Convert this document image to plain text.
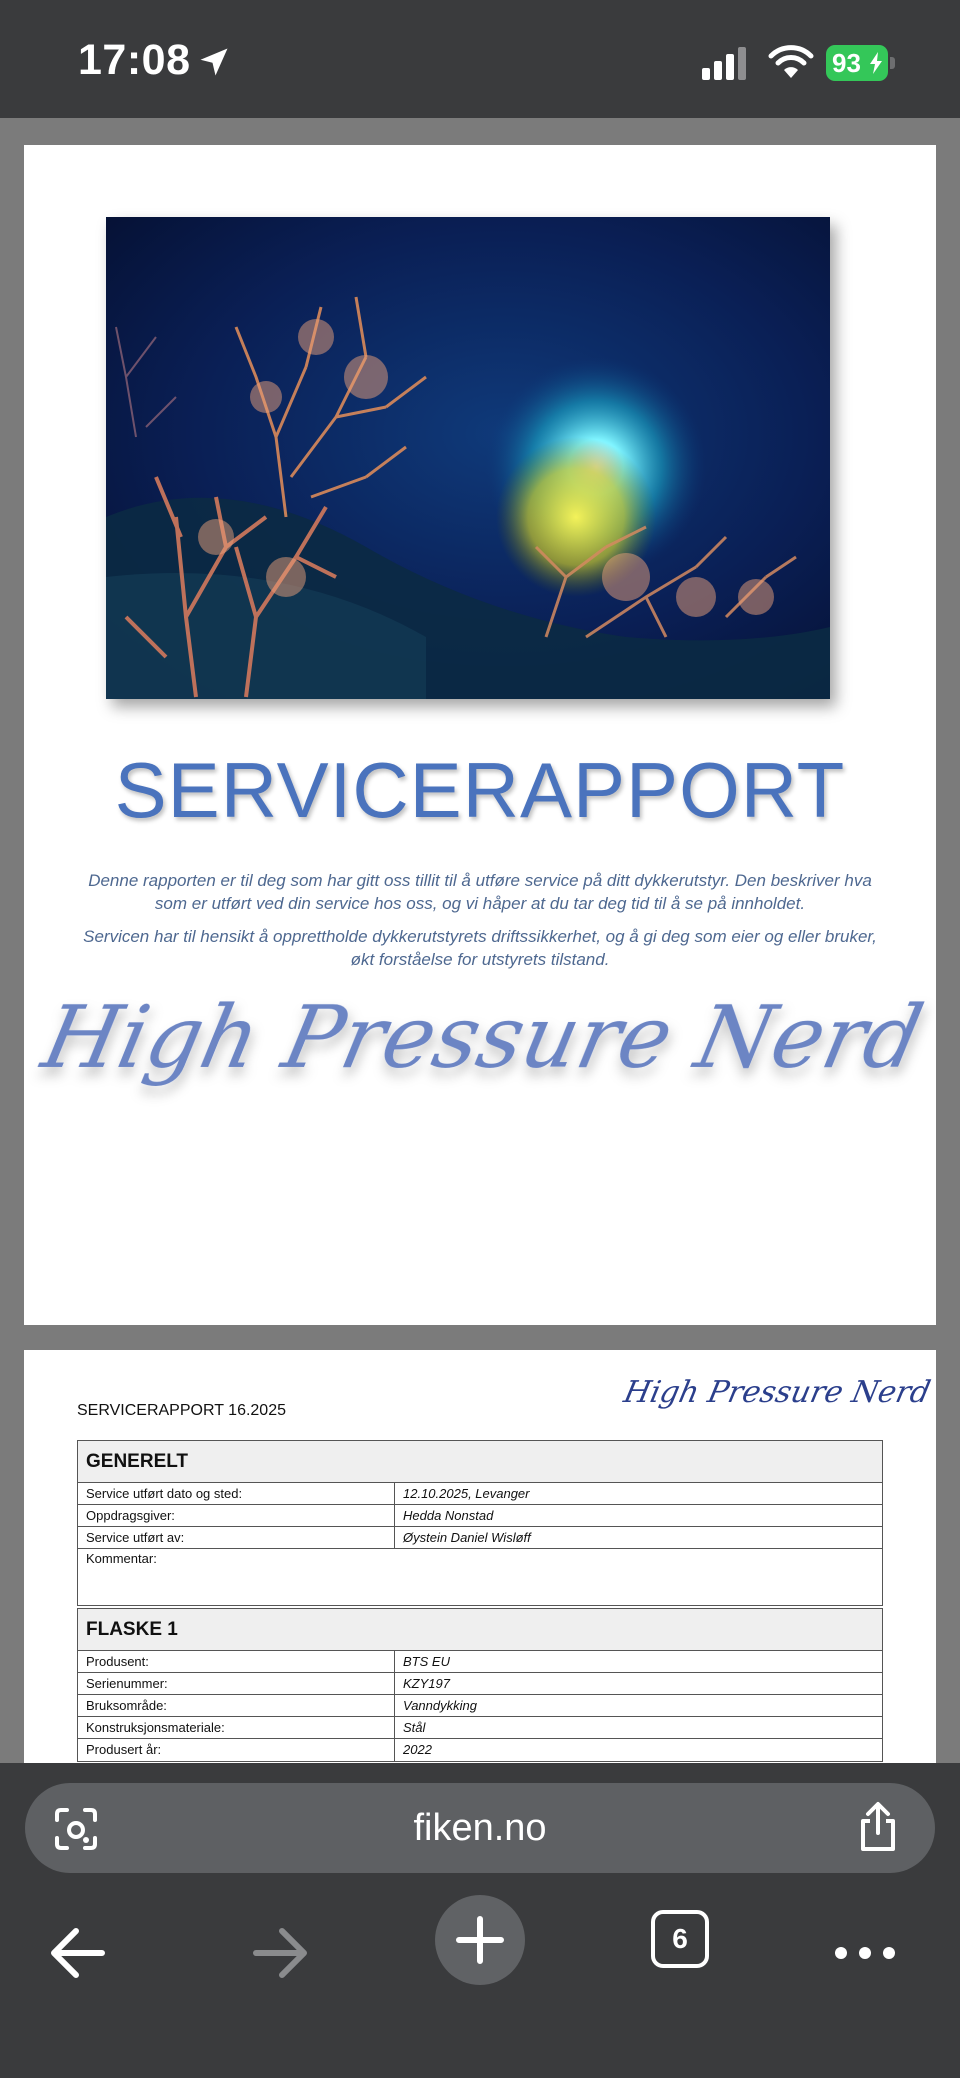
17:08	93
SERVICERAPPORT
Denne rapporten er til deg som har gitt oss tillit til å utføre service på ditt dykkerutstyr. Den beskriver hva som er utført ved din service hos oss, og vi håper at du tar deg tid til å se på innholdet.
Servicen har til hensikt å opprettholde dykkerutstyrets driftssikkerhet, og å gi deg som eier og eller bruker, økt forståelse for utstyrets tilstand.
High Pressure Nerd
High Pressure Nerd
SERVICERAPPORT 16.2025
GENERELT
Service utført dato og sted:	12.10.2025, Levanger
Oppdragsgiver:	Hedda Nonstad
Service utført av:	Øystein Daniel Wisløff
Kommentar:
FLASKE 1
Produsent:	BTS EU
Serienummer:	KZY197
Bruksområde:	Vanndykking
Konstruksjonsmateriale:	Stål
Produsert år:	2022
fiken.no
6
